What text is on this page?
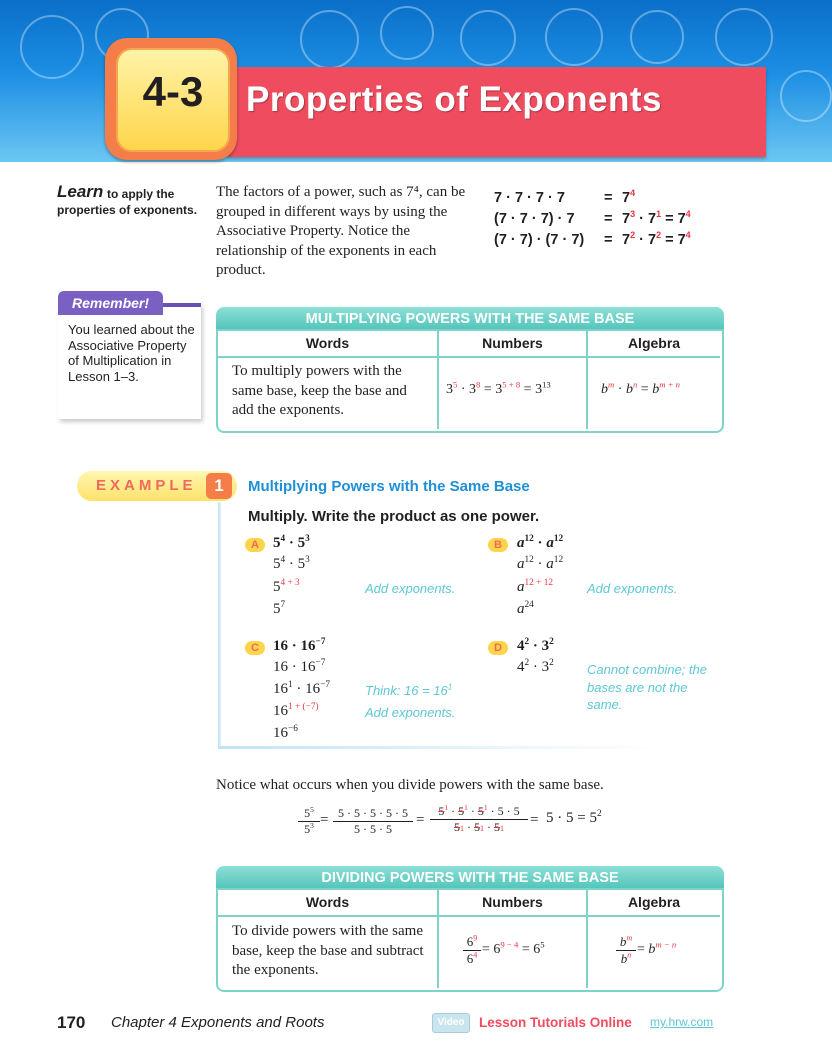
Properties of Exponents
4-3
Learn to apply the
properties of exponents.
The factors of a power, such as 7⁴, can be grouped in different ways by using the Associative Property. Notice the relationship of the exponents in each product.
7 · 7 · 7 · 7	= $7^4$
$(7 \cdot 7 \cdot 7) \cdot 7 = 7^3 \cdot 7^1 = 7^4$
$(7 \cdot 7) \cdot (7 \cdot 7) = 7^2 \cdot 7^2 = 7^4$
Remember!
You learned about the Associative Property of Multiplication in Lesson 1–3.
MULTIPLYING POWERS WITH THE SAME BASE
Words	Numbers	Algebra
To multiply powers with the same base, keep the base and add the exponents.
$3^5 \cdot 3^8 = 3^{5 + 8} = 3^{13}$	$b^m \cdot b^n = b^{m + n}$
EXAMPLE	1	Multiplying Powers with the Same Base
Multiply. Write the product as one power.
A $5^4 \cdot 5^3$
$5^4 \cdot 5^3$
$5^{4 + 3}$	Add exponents.
$5^7$
B	$a^{12} \cdot a^{12}$
$a^{12} \cdot a^{12}$
$a^{12 + 12}$	Add exponents.
$a^{24}$
C $16 \cdot 16^{-7}$
$16 \cdot 16^{-7}$
$16^1 \cdot 16^{-7}$	Think: $16 = 16^1$
$16^{1 + (-7)}$	Add exponents.
$16^{-6}$
D	$4^2 \cdot 3^2$
$4^2 \cdot 3^2$	Cannot combine; the bases are not the same.
Notice what occurs when you divide powers with the same base.
$\frac{5^5}{5^3} = \frac{5 \cdot 5 \cdot 5 \cdot 5 \cdot 5}{5 \cdot 5 \cdot 5} = \frac{5^1 \cdot 5^1 \cdot 5^1 \cdot 5 \cdot 5}{51 \cdot 51 \cdot 51} = 5 \cdot 5 = 5^2$
DIVIDING POWERS WITH THE SAME BASE
Words	Numbers	Algebra
To divide powers with the same base, keep the base and subtract the exponents.
$\frac{6^9}{6^4} = 6^{9 - 4} = 6^5$	$\frac{b^m}{b^n} = b^{m - n}$
170 Chapter 4 Exponents and Roots	Video	Lesson Tutorials Online my.hrw.com
